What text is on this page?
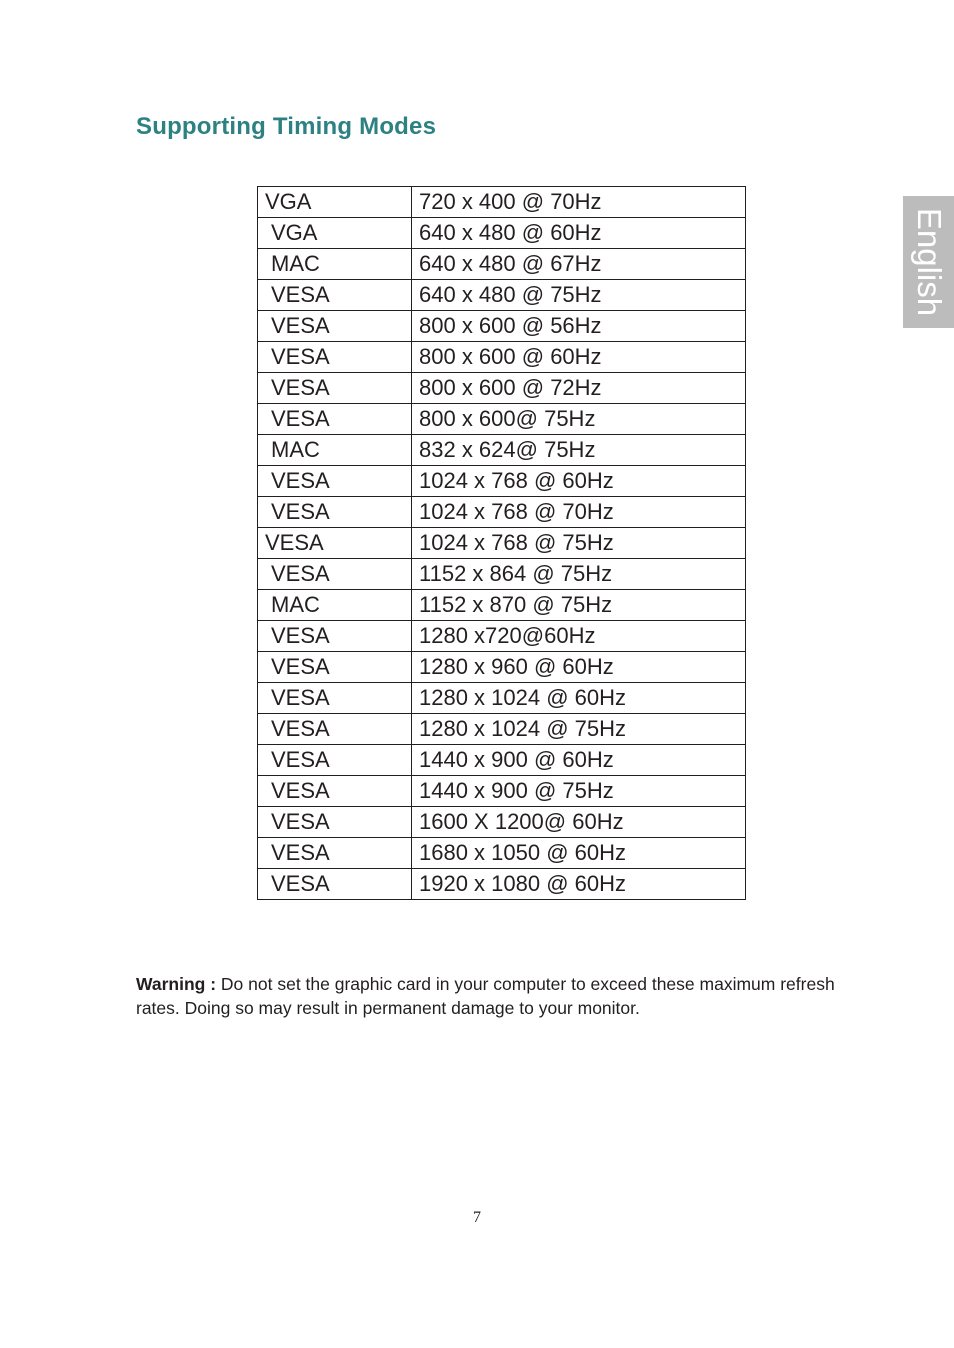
Supporting Timing Modes
English
VGA	720 x 400 @ 70Hz
VGA	640 x 480 @ 60Hz
MAC	640 x 480 @ 67Hz
VESA	640 x 480 @ 75Hz
VESA	800 x 600 @ 56Hz
VESA	800 x 600 @ 60Hz
VESA	800 x 600 @ 72Hz
VESA	800 x 600@ 75Hz
MAC	832 x 624@ 75Hz
VESA	1024 x 768 @ 60Hz
VESA	1024 x 768 @ 70Hz
VESA	1024 x 768 @ 75Hz
VESA	1152 x 864 @ 75Hz
MAC	1152 x 870 @ 75Hz
VESA	1280 x720@60Hz
VESA	1280 x 960 @ 60Hz
VESA	1280 x 1024 @ 60Hz
VESA	1280 x 1024 @ 75Hz
VESA	1440 x 900 @ 60Hz
VESA	1440 x 900 @ 75Hz
VESA	1600 X 1200@ 60Hz
VESA	1680 x 1050 @ 60Hz
VESA	1920 x 1080 @ 60Hz

Warning : Do not set the graphic card in your computer to exceed these maximum refresh rates. Doing so may result in permanent damage to your monitor.

7
